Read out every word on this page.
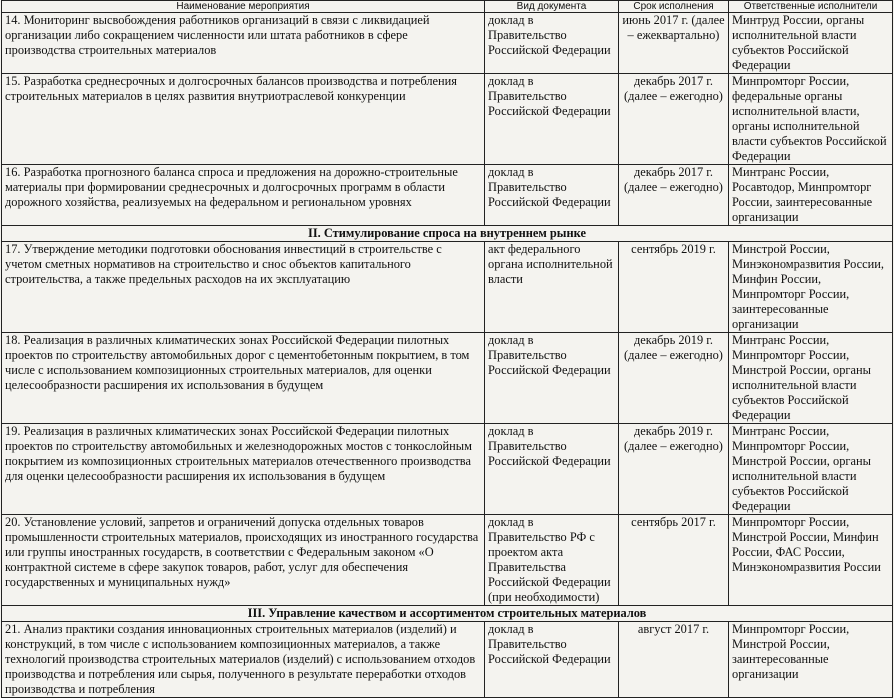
Наименование мероприятия	Вид документа	Срок исполнения	Ответственные исполнители
14. Мониторинг высвобождения работников организаций в связи с ликвидацией организации либо сокращением численности или штата работников в сфере производства строительных материалов	доклад в Правительство Российской Федерации	июнь 2017 г. (далее – ежеквартально)	Минтруд России, органы исполнительной власти субъектов Российской Федерации
15. Разработка среднесрочных и долгосрочных балансов производства и потребления строительных материалов в целях развития внутриотраслевой конкуренции	доклад в Правительство Российской Федерации	декабрь 2017 г. (далее – ежегодно)	Минпромторг России, федеральные органы исполнительной власти, органы исполнительной власти субъектов Российской Федерации
16. Разработка прогнозного баланса спроса и предложения на дорожно-строительные материалы при формировании среднесрочных и долгосрочных программ в области дорожного хозяйства, реализуемых на федеральном и региональном уровнях	доклад в Правительство Российской Федерации	декабрь 2017 г. (далее – ежегодно)	Минтранс России, Росавтодор, Минпромторг России, заинтересованные организации
II. Стимулирование спроса на внутреннем рынке			
17. Утверждение методики подготовки обоснования инвестиций в строительстве с учетом сметных нормативов на строительство и снос объектов капитального строительства, а также предельных расходов на их эксплуатацию	акт федерального органа исполнительной власти	сентябрь 2019 г.	Минстрой России, Минэкономразвития России, Минфин России, Минпромторг России, заинтересованные организации
18. Реализация в различных климатических зонах Российской Федерации пилотных проектов по строительству автомобильных дорог с цементобетонным покрытием, в том числе с использованием композиционных строительных материалов, для оценки целесообразности расширения их использования в будущем	доклад в Правительство Российской Федерации	декабрь 2019 г. (далее – ежегодно)	Минтранс России, Минпромторг России, Минстрой России, органы исполнительной власти субъектов Российской Федерации
19. Реализация в различных климатических зонах Российской Федерации пилотных проектов по строительству автомобильных и железнодорожных мостов с тонкослойным покрытием из композиционных строительных материалов отечественного производства для оценки целесообразности расширения их использования в будущем	доклад в Правительство Российской Федерации	декабрь 2019 г. (далее – ежегодно)	Минтранс России, Минпромторг России, Минстрой России, органы исполнительной власти субъектов Российской Федерации
20. Установление условий, запретов и ограничений допуска отдельных товаров промышленности строительных материалов, происходящих из иностранного государства или группы иностранных государств, в соответствии с Федеральным законом «О контрактной системе в сфере закупок товаров, работ, услуг для обеспечения государственных и муниципальных нужд»	доклад в Правительство РФ с проектом акта Правительства Российской Федерации (при необходимости)	сентябрь 2017 г.	Минпромторг России, Минстрой России, Минфин России, ФАС России, Минэкономразвития России
III. Управление качеством и ассортиментом строительных материалов			
21. Анализ практики создания инновационных строительных материалов (изделий) и конструкций, в том числе с использованием композиционных материалов, а также технологий производства строительных материалов (изделий) с использованием отходов производства и потребления или сырья, полученного в результате переработки отходов производства и потребления	доклад в Правительство Российской Федерации	август 2017 г.	Минпромторг России, Минстрой России, заинтересованные организации
